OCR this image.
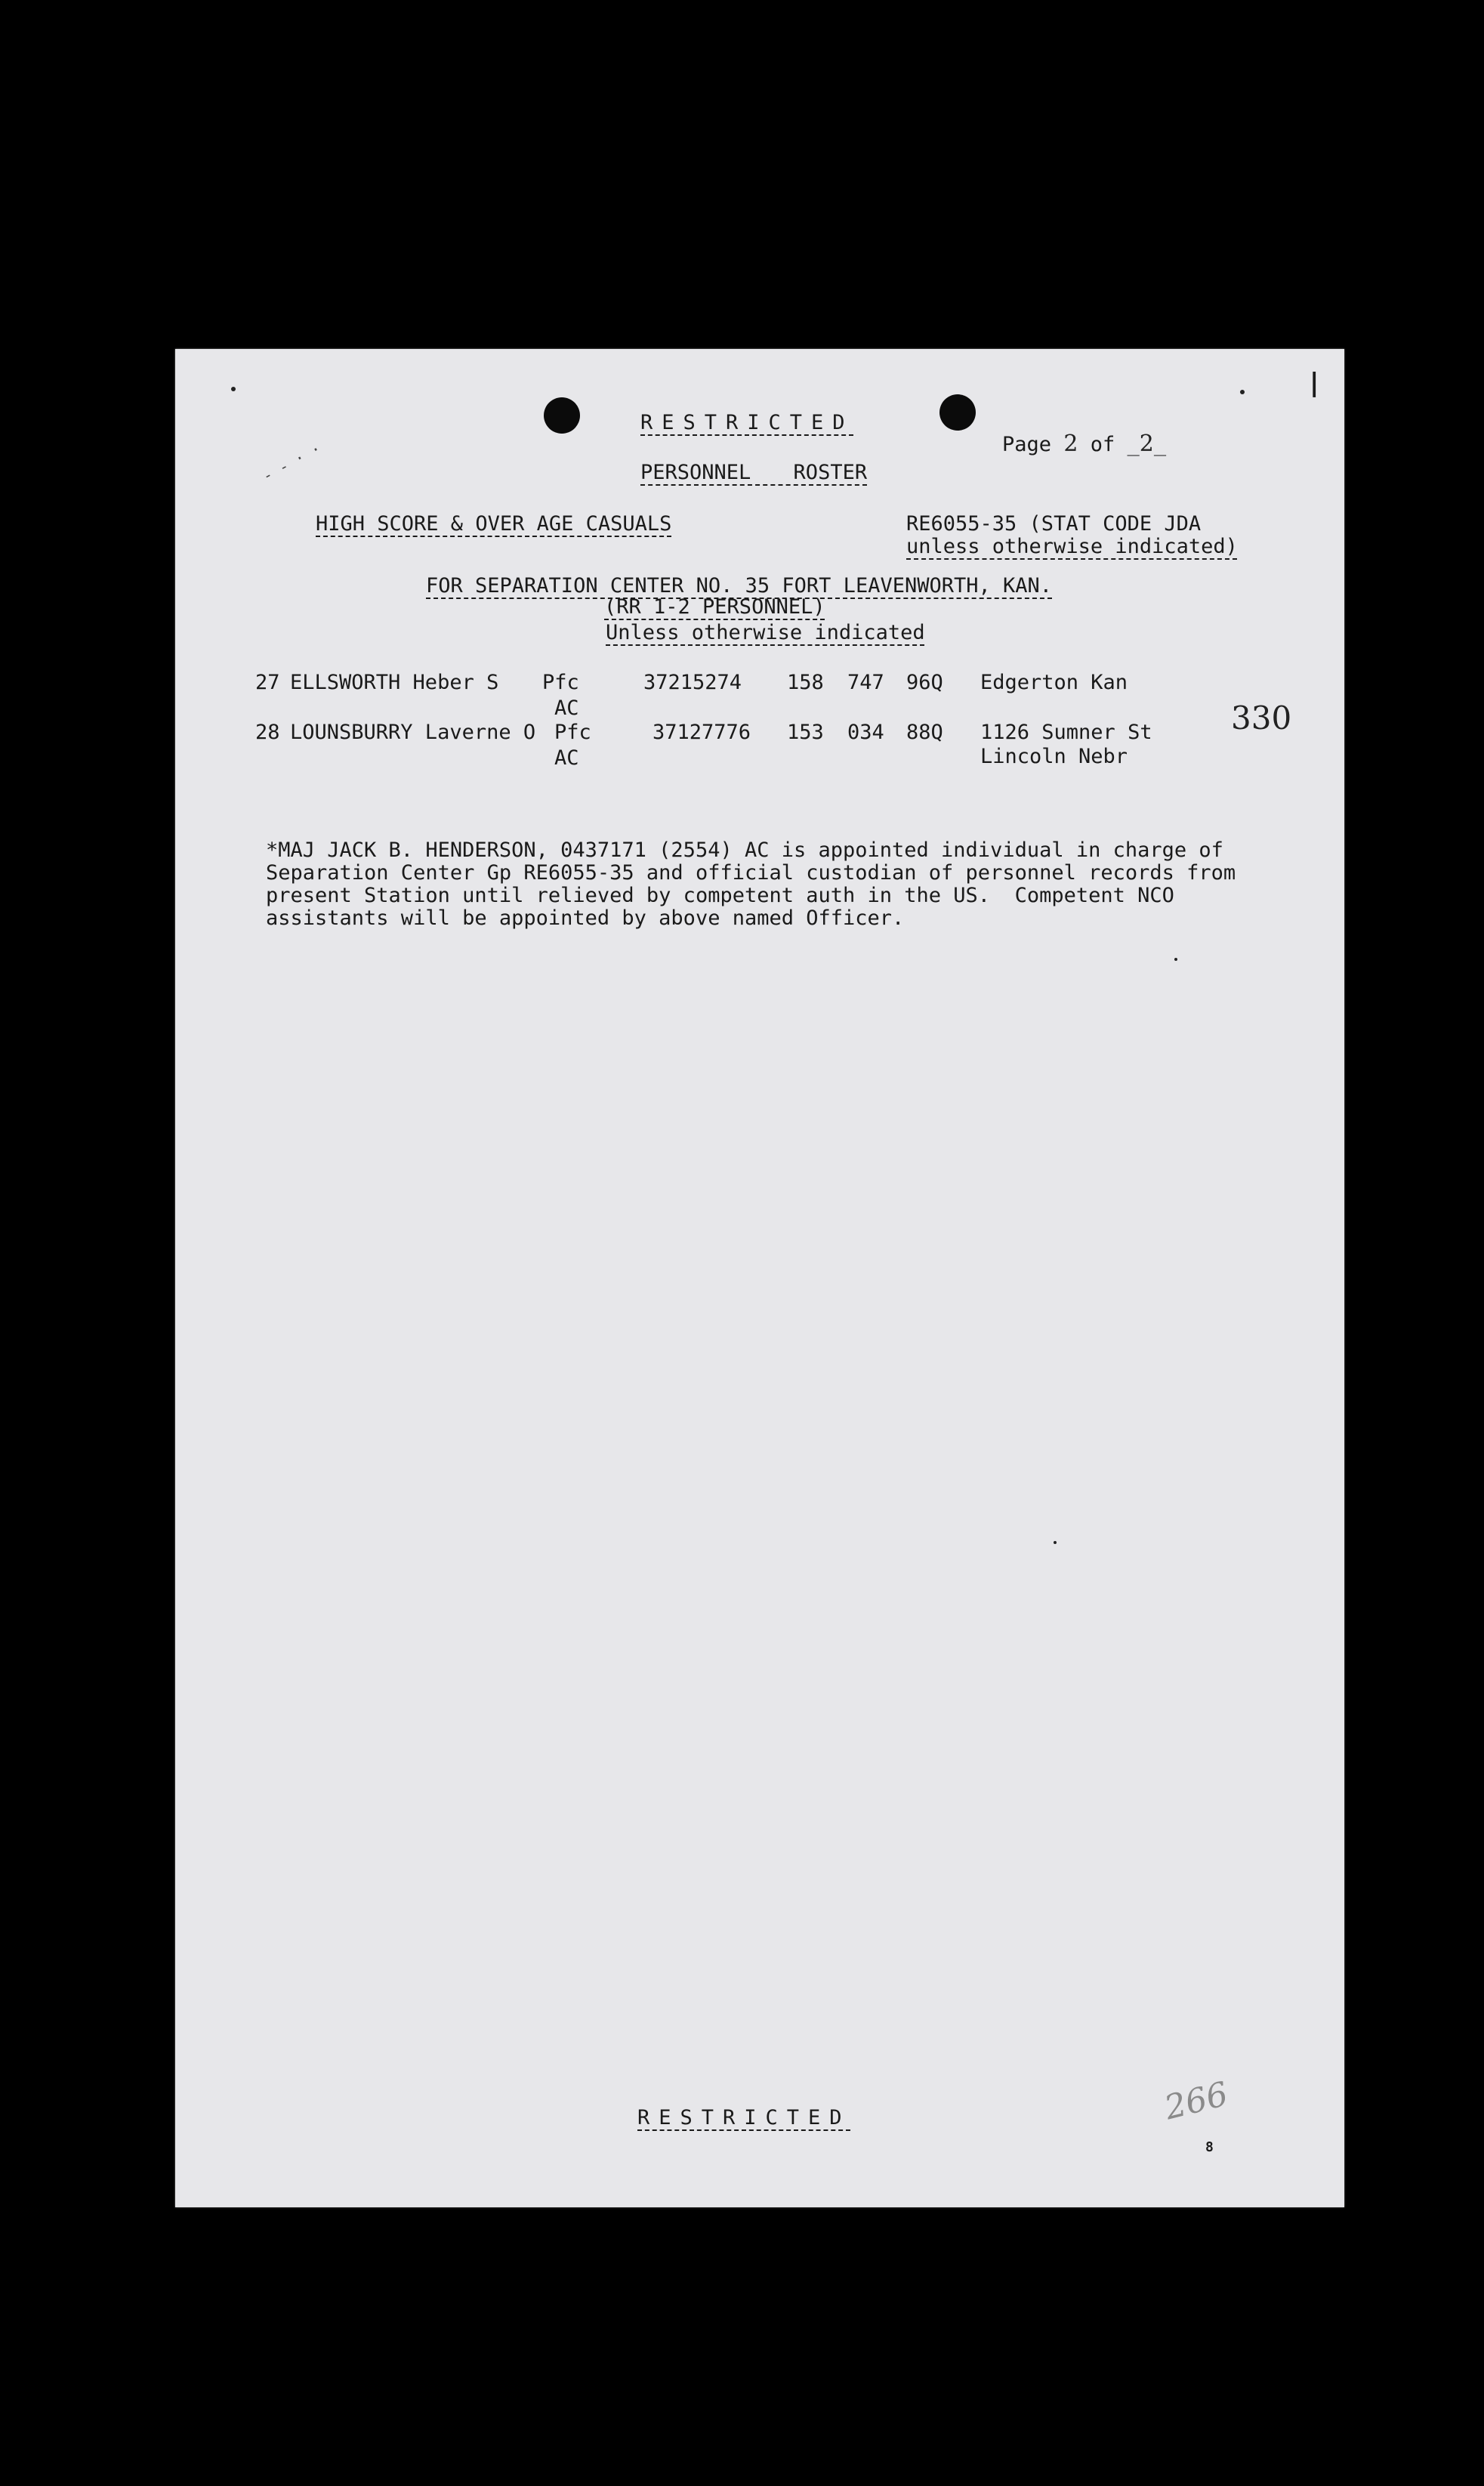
- - · ·
|
RESTRICTED

Page 2 of _2_

PERSONNEL ROSTER
HIGH SCORE & OVER AGE CASUALS	RE6055-35 (STAT CODE JDA
unless otherwise indicated)
FOR SEPARATION CENTER NO. 35 FORT LEAVENWORTH, KAN.
(RR 1-2 PERSONNEL)
Unless otherwise indicated
27 ELLSWORTH Heber S Pfc
AC
37215274 158 747 96Q Edgerton Kan
28 LOUNSBURRY Laverne O Pfc
AC
37127776 153 034 88Q 1126 Sumner St
Lincoln Nebr
330
*MAJ JACK B. HENDERSON, 0437171 (2554) AC is appointed individual in charge of
Separation Center Gp RE6055-35 and official custodian of personnel records from
present Station until relieved by competent auth in the US.  Competent NCO
assistants will be appointed by above named Officer.
RESTRICTED	266
8
